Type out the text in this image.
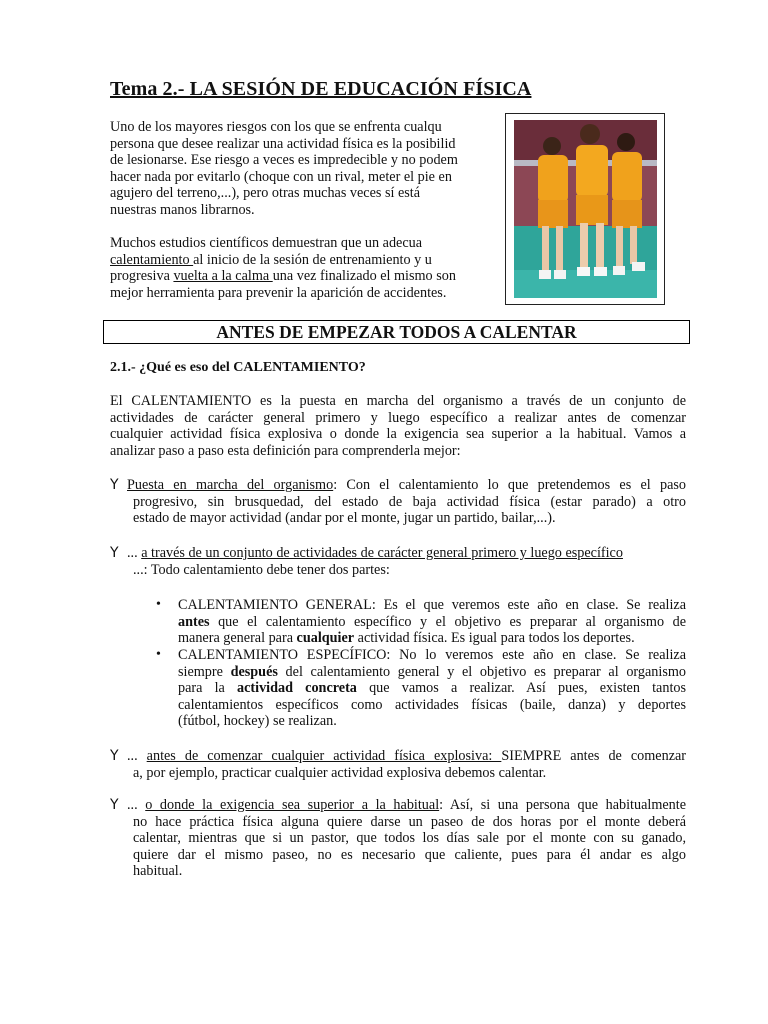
Tema 2.- LA SESIÓN DE EDUCACIÓN FÍSICA

Uno de los mayores riesgos con los que se enfrenta cualqu

persona que desee realizar una actividad física es la posibilid

de lesionarse. Ese riesgo a veces es impredecible y no podem

hacer nada por evitarlo (choque con un rival, meter el pie en

agujero del terreno,...), pero otras muchas veces sí está

nuestras manos librarnos.

Muchos estudios científicos demuestran que un adecua

calentamiento al inicio de la sesión de entrenamiento y u

progresiva vuelta a la calma una vez finalizado el mismo son

mejor herramienta para prevenir la aparición de accidentes.

ANTES DE EMPEZAR TODOS A CALENTAR
2.1.- ¿Qué es eso del CALENTAMIENTO?
El CALENTAMIENTO es la puesta en marcha del organismo a través de un conjunto de
actividades de carácter general primero y luego específico a realizar antes de comenzar
cualquier actividad física explosiva o donde la exigencia sea superior a la habitual. Vamos a
analizar paso a paso esta definición para comprenderla mejor:
Y Puesta en marcha del organismo: Con el calentamiento lo que pretendemos es el paso
progresivo, sin brusquedad, del estado de baja actividad física (estar parado) a otro
estado de mayor actividad (andar por el monte, jugar un partido, bailar,...).
Y ... a través de un conjunto de actividades de carácter general primero y luego específico
...: Todo calentamiento debe tener dos partes:
•	CALENTAMIENTO GENERAL: Es el que veremos este año en clase. Se realiza
antes que el calentamiento específico y el objetivo es preparar al organismo de
manera general para cualquier actividad física. Es igual para todos los deportes.
•	CALENTAMIENTO ESPECÍFICO: No lo veremos este año en clase. Se realiza
siempre después del calentamiento general y el objetivo es preparar al organismo
para la actividad concreta que vamos a realizar. Así pues, existen tantos
calentamientos específicos como actividades físicas (baile, danza) y deportes
(fútbol, hockey) se realizan.
Y ... antes de comenzar cualquier actividad física explosiva: SIEMPRE antes de comenzar
a, por ejemplo, practicar cualquier actividad explosiva debemos calentar.
Y ... o donde la exigencia sea superior a la habitual: Así, si una persona que habitualmente
no hace práctica física alguna quiere darse un paseo de dos horas por el monte deberá
calentar, mientras que si un pastor, que todos los días sale por el monte con su ganado,
quiere dar el mismo paseo, no es necesario que caliente, pues para él andar es algo
habitual.
